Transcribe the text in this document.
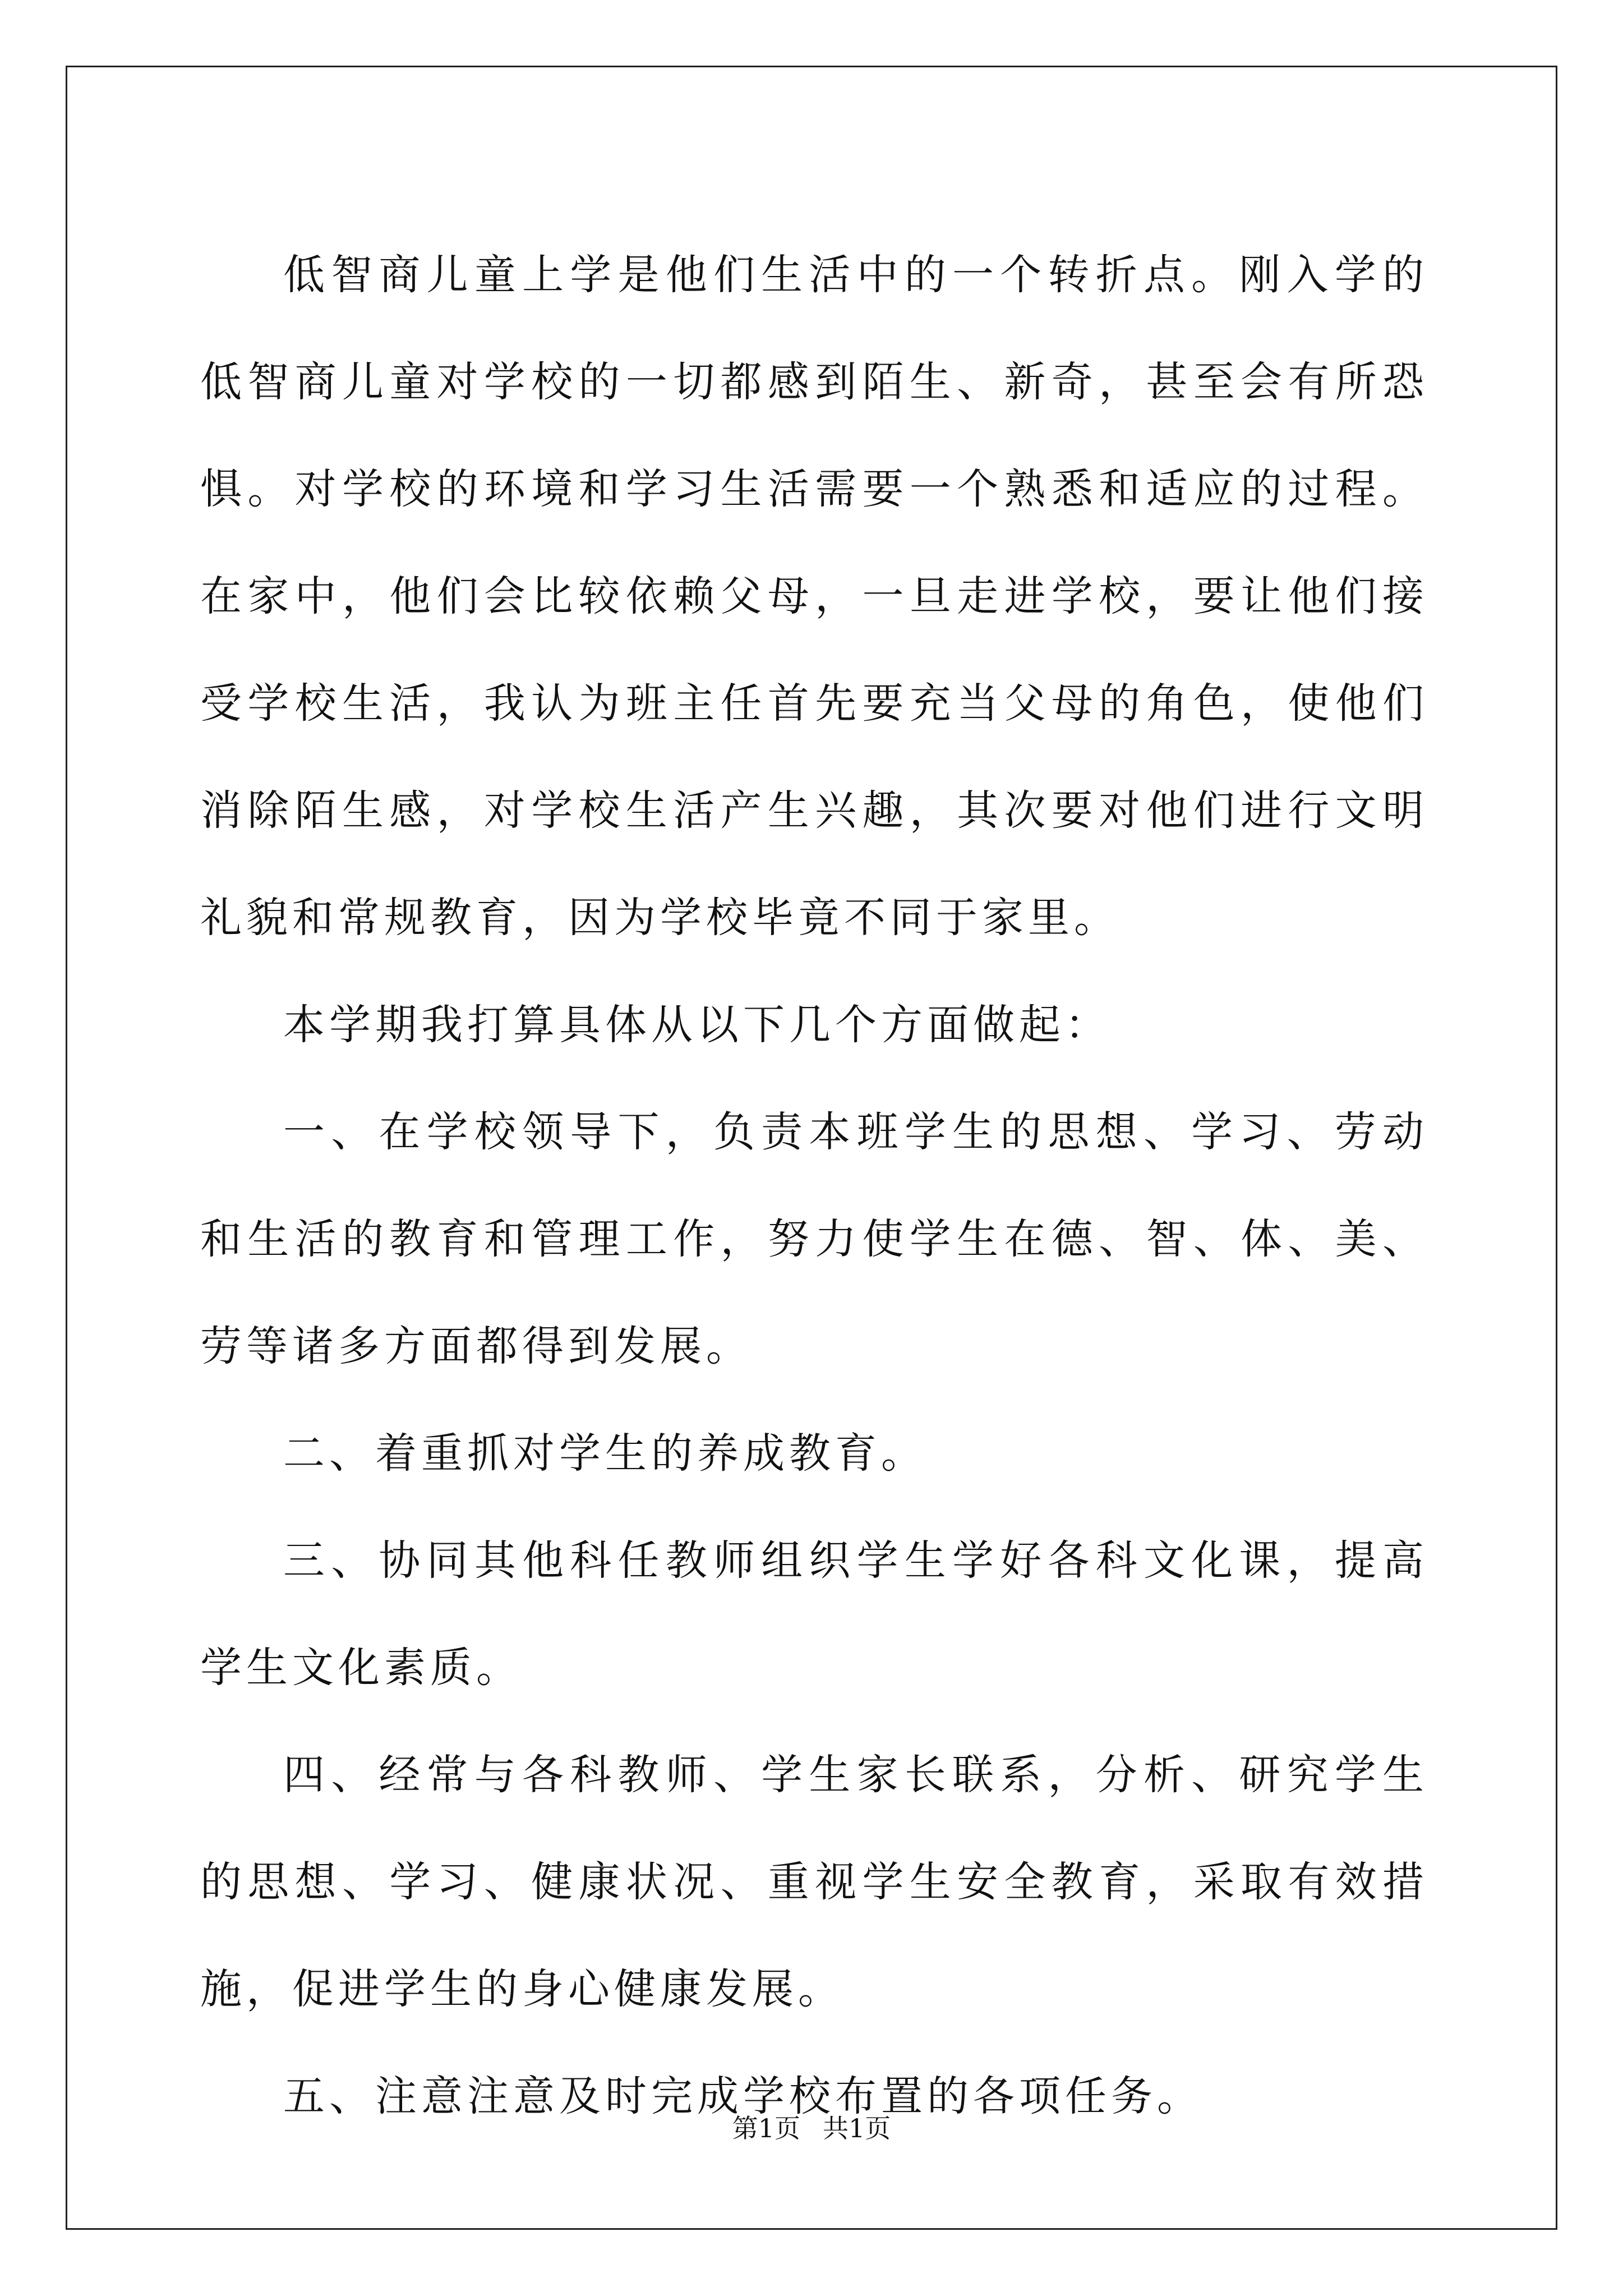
低智商儿童上学是他们生活中的一个转折点。刚入学的低智商儿童对学校的一切都感到陌生、新奇，甚至会有所恐惧。对学校的环境和学习生活需要一个熟悉和适应的过程。在家中，他们会比较依赖父母，一旦走进学校，要让他们接受学校生活，我认为班主任首先要充当父母的角色，使他们消除陌生感，对学校生活产生兴趣，其次要对他们进行文明礼貌和常规教育，因为学校毕竟不同于家里。

本学期我打算具体从以下几个方面做起：

一、在学校领导下，负责本班学生的思想、学习、劳动和生活的教育和管理工作，努力使学生在德、智、体、美、劳等诸多方面都得到发展。

二、着重抓对学生的养成教育。

三、协同其他科任教师组织学生学好各科文化课，提高学生文化素质。

四、经常与各科教师、学生家长联系，分析、研究学生的思想、学习、健康状况、重视学生安全教育，采取有效措施，促进学生的身心健康发展。

五、注意注意及时完成学校布置的各项任务。

第1页 共1页
